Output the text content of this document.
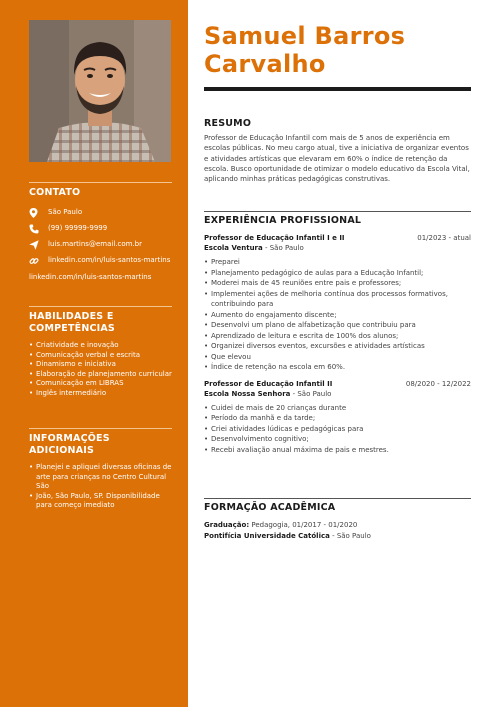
CONTATO
São Paulo
(99) 99999-9999
luis.martins@email.com.br
linkedin.com/in/luis-santos-martins
linkedin.com/in/luis-santos-martins
HABILIDADES E COMPETÊNCIAS
• Criatividade e inovação
• Comunicação verbal e escrita
• Dinamismo e iniciativa
• Elaboração de planejamento curricular
• Comunicação em LIBRAS
• Inglês intermediário
INFORMAÇÕES ADICIONAIS
• Planejei e apliquei diversas oficinas de arte para crianças no Centro Cultural São
• João, São Paulo, SP. Disponibilidade para começo imediato
Samuel Barros Carvalho
RESUMO
Professor de Educação Infantil com mais de 5 anos de experiência em escolas públicas. No meu cargo atual, tive a iniciativa de organizar eventos e atividades artísticas que elevaram em 60% o índice de retenção da escola. Busco oportunidade de otimizar o modelo educativo da Escola Vital, aplicando minhas práticas pedagógicas construtivas.
EXPERIÊNCIA PROFISSIONAL
Professor de Educação Infantil I e II	01/2023 - atual
Escola Ventura - São Paulo
• Preparei
• Planejamento pedagógico de aulas para a Educação Infantil;
• Moderei mais de 45 reuniões entre pais e professores;
• Implementei ações de melhoria contínua dos processos formativos, contribuindo para
• Aumento do engajamento discente;
• Desenvolvi um plano de alfabetização que contribuiu para
• Aprendizado de leitura e escrita de 100% dos alunos;
• Organizei diversos eventos, excursões e atividades artísticas
• Que elevou
• Índice de retenção na escola em 60%.
Professor de Educação Infantil II	08/2020 - 12/2022
Escola Nossa Senhora - São Paulo
• Cuidei de mais de 20 crianças durante
• Período da manhã e da tarde;
• Criei atividades lúdicas e pedagógicas para
• Desenvolvimento cognitivo;
• Recebi avaliação anual máxima de pais e mestres.
FORMAÇÃO ACADÊMICA
Graduação: Pedagogia, 01/2017 - 01/2020
Pontifícia Universidade Católica - São Paulo
